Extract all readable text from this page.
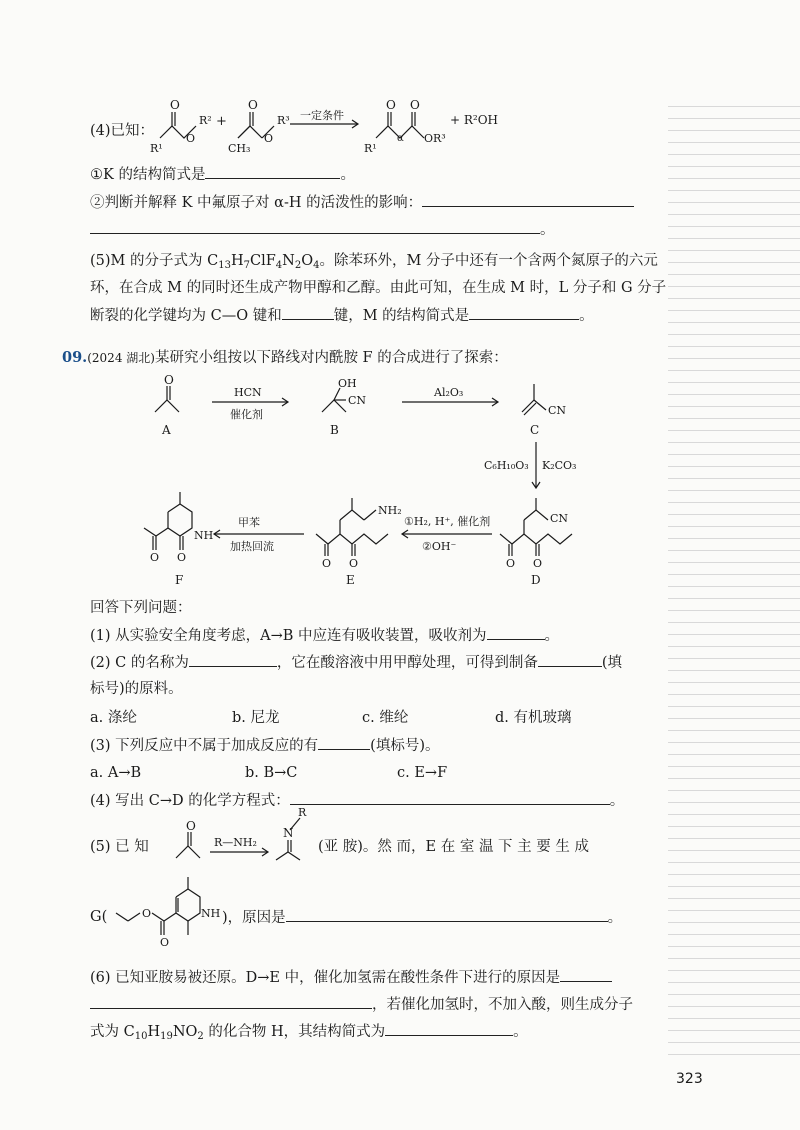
(4)已知：
O
R¹
O
R² +
O
CH₃
O
R³ 一定条件
O O
R¹
α OR³
+ R²OH
①K 的结构简式是	。
②判断并解释 K 中氟原子对 α-H 的活泼性的影响：
。
(5)M 的分子式为 $C_{13}H_7ClF_4N_2O_4$。除苯环外，M 分子中还有一个含两个氮原子的六元
环，在合成 M 的同时还生成产物甲醇和乙醇。由此可知，在生成 M 时，L 分子和 G 分子
断裂的化学键均为 C—O 键和	键，M 的结构简式是	。
09.(2024 湖北)某研究小组按以下路线对内酰胺 F 的合成进行了探索：
O
A
HCN
催化剂
OH
CN
B
Al₂O₃
CN
C
C₆H₁₀O₃ K₂CO₃
CN
O O
D
①H₂, H⁺, 催化剂
②OH⁻
NH₂
O O
E
甲苯
加热回流
NH
O O
F
回答下列问题：
(1) 从实验安全角度考虑，A→B 中应连有吸收装置，吸收剂为	。
(2) C 的名称为	，它在酸溶液中用甲醇处理，可得到制备	(填
标号)的原料。
a. 涤纶	b. 尼龙	c. 维纶	d. 有机玻璃
(3) 下列反应中不属于加成反应的有	(填标号)。
a. A→B	b. B→C	c. E→F
(4) 写出 C→D 的化学方程式：	。
(5) 已 知
O
R—NH₂
R
N
O
O
NH
(亚 胺)。然 而，E 在 室 温 下 主 要 生 成
G(	)，原因是	。
(6) 已知亚胺易被还原。D→E 中，催化加氢需在酸性条件下进行的原因是
，若催化加氢时，不加入酸，则生成分子
式为 $C_{10}H_{19}NO_2$ 的化合物 H，其结构简式为	。
323
